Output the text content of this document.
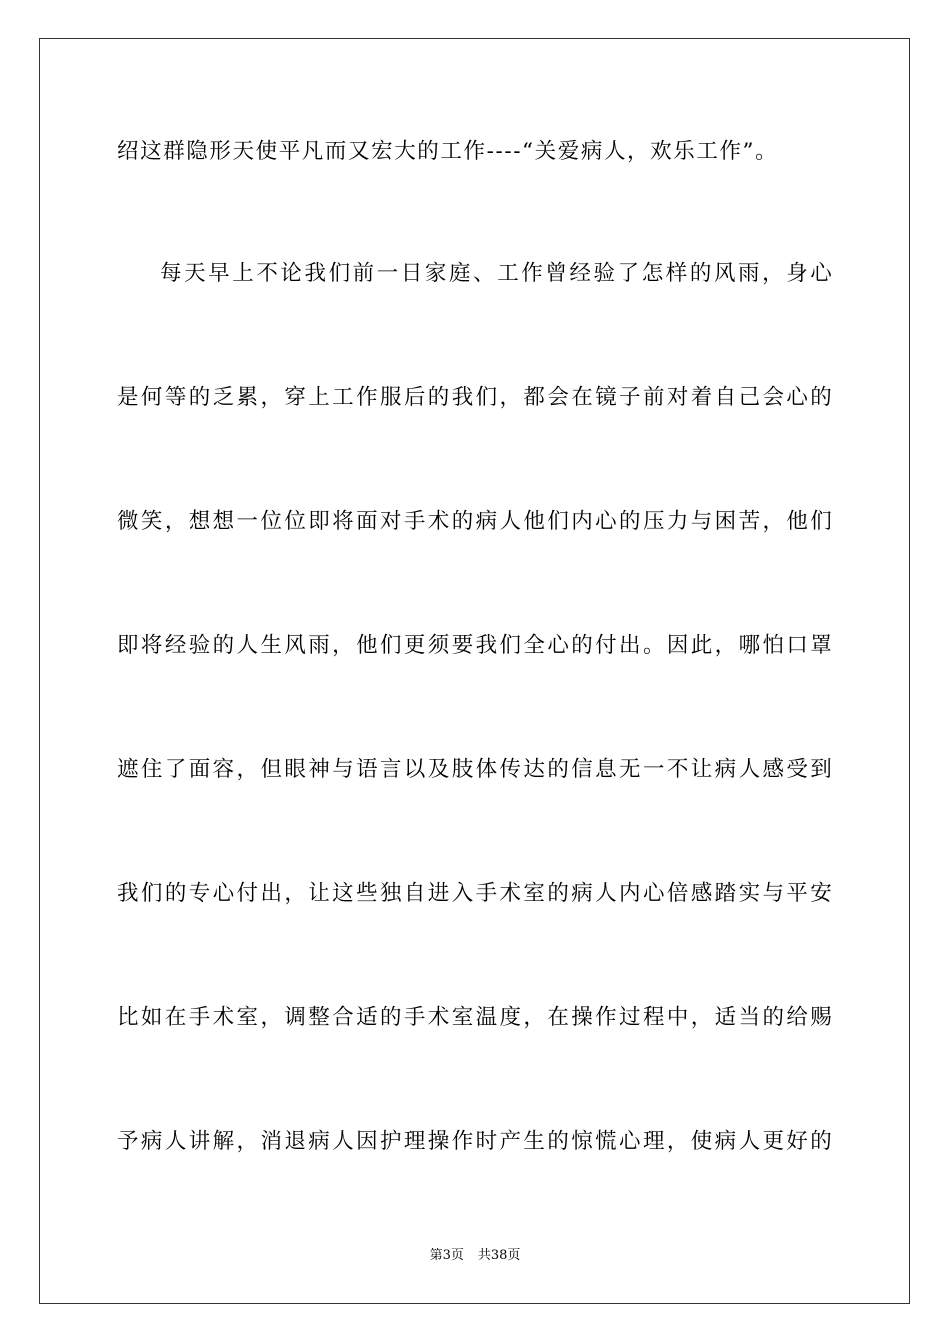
绍这群隐形天使平凡而又宏大的工作----“关爱病人，欢乐工作”。
每天早上不论我们前一日家庭、工作曾经验了怎样的风雨，身心
是何等的乏累，穿上工作服后的我们，都会在镜子前对着自己会心的
微笑，想想一位位即将面对手术的病人他们内心的压力与困苦，他们
即将经验的人生风雨，他们更须要我们全心的付出。因此，哪怕口罩
遮住了面容，但眼神与语言以及肢体传达的信息无一不让病人感受到
我们的专心付出，让这些独自进入手术室的病人内心倍感踏实与平安
比如在手术室，调整合适的手术室温度，在操作过程中，适当的给赐
予病人讲解，消退病人因护理操作时产生的惊慌心理，使病人更好的
第3页 共38页
